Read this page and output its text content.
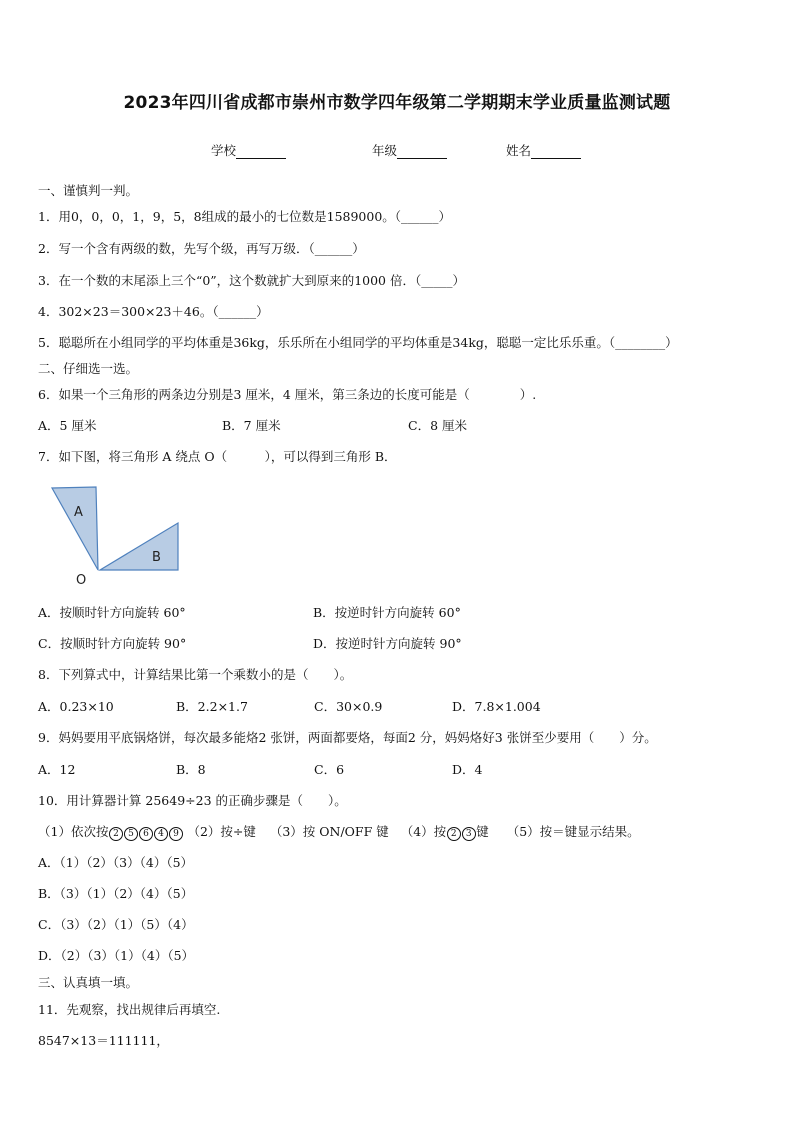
2023年四川省成都市崇州市数学四年级第二学期期末学业质量监测试题
学校	年级	姓名
一、谨慎判一判。
1．用0，0，0，1，9，5，8组成的最小的七位数是1589000。（______）
2．写一个含有两级的数，先写个级，再写万级．（______）
3．在一个数的末尾添上三个“0”，这个数就扩大到原来的1000 倍．（_____）
4．302×23＝300×23＋46。（______）
5．聪聪所在小组同学的平均体重是36kg，乐乐所在小组同学的平均体重是34kg，聪聪一定比乐乐重。（________）
二、仔细选一选。
6．如果一个三角形的两条边分别是3 厘米，4 厘米，第三条边的长度可能是（　　　　）.
A．5 厘米	B．7 厘米	C．8 厘米
7．如下图，将三角形 A 绕点 O（　　　），可以得到三角形 B．
A
B
O
A．按顺时针方向旋转 60°	B．按逆时针方向旋转 60°
C．按顺时针方向旋转 90°	D．按逆时针方向旋转 90°
8．下列算式中，计算结果比第一个乘数小的是（　　）。
A．0.23×10	B．2.2×1.7	C．30×0.9	D．7.8×1.004
9．妈妈要用平底锅烙饼，每次最多能烙2 张饼，两面都要烙，每面2 分，妈妈烙好3 张饼至少要用（　　）分。
A．12	B．8	C．6	D．4
10．用计算器计算 25649÷23 的正确步骤是（　　）。
（1）依次按 2 5 6 4 9 （2）按÷键 （3）按 ON/OFF 键 （4）按 2 3 键 （5）按＝键显示结果。
A．（1）（2）（3）（4）（5）
B．（3）（1）（2）（4）（5）
C．（3）（2）（1）（5）（4）
D．（2）（3）（1）（4）（5）
三、认真填一填。
11．先观察，找出规律后再填空.
8547×13＝111111，
